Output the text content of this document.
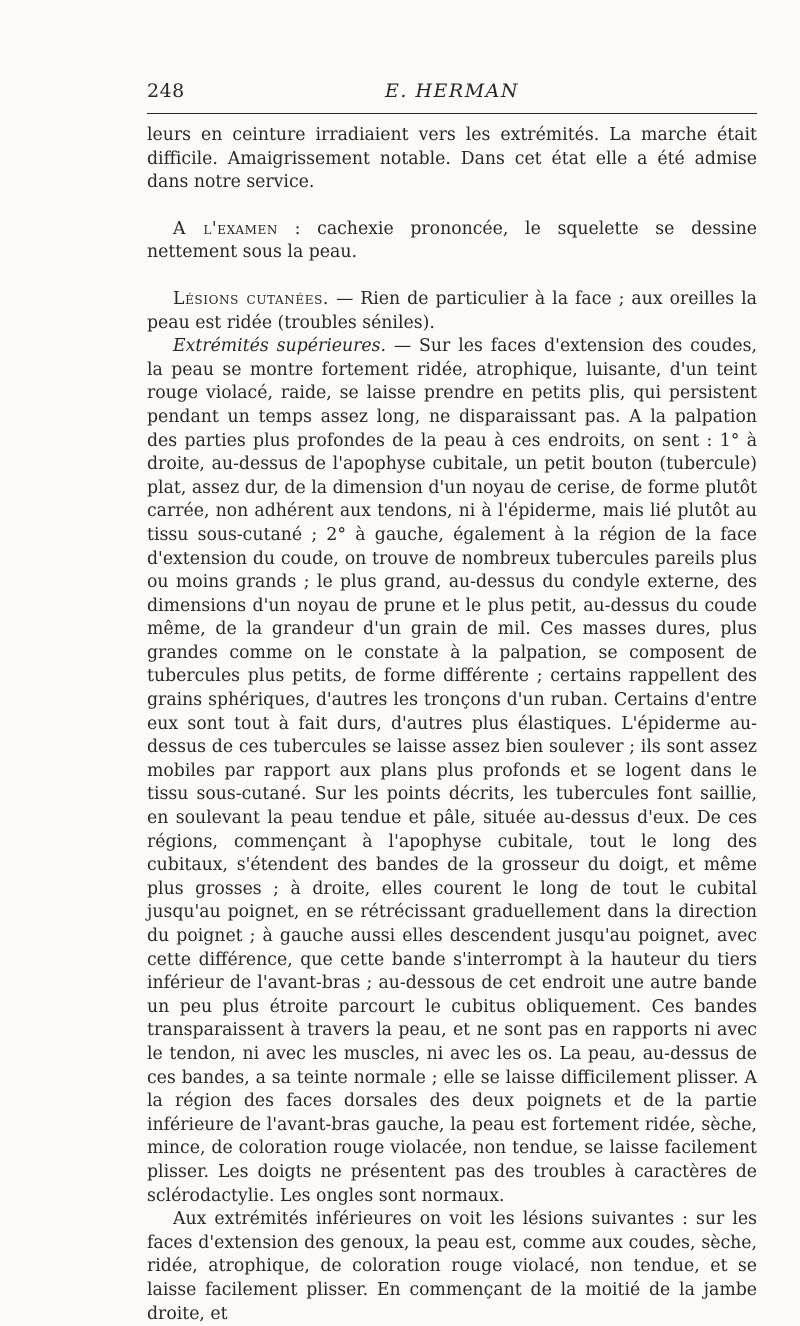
248	E. HERMAN

leurs en ceinture irradiaient vers les extrémités. La marche était difficile. Amaigrissement notable. Dans cet état elle a été admise dans notre service.

A l'examen : cachexie prononcée, le squelette se dessine nettement sous la peau.

Lésions cutanées. — Rien de particulier à la face ; aux oreilles la peau est ridée (troubles séniles).

Extrémités supérieures. — Sur les faces d'extension des coudes, la peau se montre fortement ridée, atrophique, luisante, d'un teint rouge violacé, raide, se laisse prendre en petits plis, qui persistent pendant un temps assez long, ne disparaissant pas. A la palpation des parties plus profondes de la peau à ces endroits, on sent : 1° à droite, au-dessus de l'apophyse cubitale, un petit bouton (tubercule) plat, assez dur, de la dimension d'un noyau de cerise, de forme plutôt carrée, non adhérent aux tendons, ni à l'épiderme, mais lié plutôt au tissu sous-cutané ; 2° à gauche, également à la région de la face d'extension du coude, on trouve de nombreux tubercules pareils plus ou moins grands ; le plus grand, au-dessus du condyle externe, des dimensions d'un noyau de prune et le plus petit, au-dessus du coude même, de la grandeur d'un grain de mil. Ces masses dures, plus grandes comme on le constate à la palpation, se composent de tubercules plus petits, de forme différente ; certains rappellent des grains sphériques, d'autres les tronçons d'un ruban. Certains d'entre eux sont tout à fait durs, d'autres plus élastiques. L'épiderme au-dessus de ces tubercules se laisse assez bien soulever ; ils sont assez mobiles par rapport aux plans plus profonds et se logent dans le tissu sous-cutané. Sur les points décrits, les tubercules font saillie, en soulevant la peau tendue et pâle, située au-dessus d'eux. De ces régions, commençant à l'apophyse cubitale, tout le long des cubitaux, s'étendent des bandes de la grosseur du doigt, et même plus grosses ; à droite, elles courent le long de tout le cubital jusqu'au poignet, en se rétrécissant graduellement dans la direction du poignet ; à gauche aussi elles descendent jusqu'au poignet, avec cette différence, que cette bande s'interrompt à la hauteur du tiers inférieur de l'avant-bras ; au-dessous de cet endroit une autre bande un peu plus étroite parcourt le cubitus obliquement. Ces bandes transparaissent à travers la peau, et ne sont pas en rapports ni avec le tendon, ni avec les muscles, ni avec les os. La peau, au-dessus de ces bandes, a sa teinte normale ; elle se laisse difficilement plisser. A la région des faces dorsales des deux poignets et de la partie inférieure de l'avant-bras gauche, la peau est fortement ridée, sèche, mince, de coloration rouge violacée, non tendue, se laisse facilement plisser. Les doigts ne présentent pas des troubles à caractères de sclérodactylie. Les ongles sont normaux.

Aux extrémités inférieures on voit les lésions suivantes : sur les faces d'extension des genoux, la peau est, comme aux coudes, sèche, ridée, atrophique, de coloration rouge violacé, non tendue, et se laisse facilement plisser. En commençant de la moitié de la jambe droite, et
